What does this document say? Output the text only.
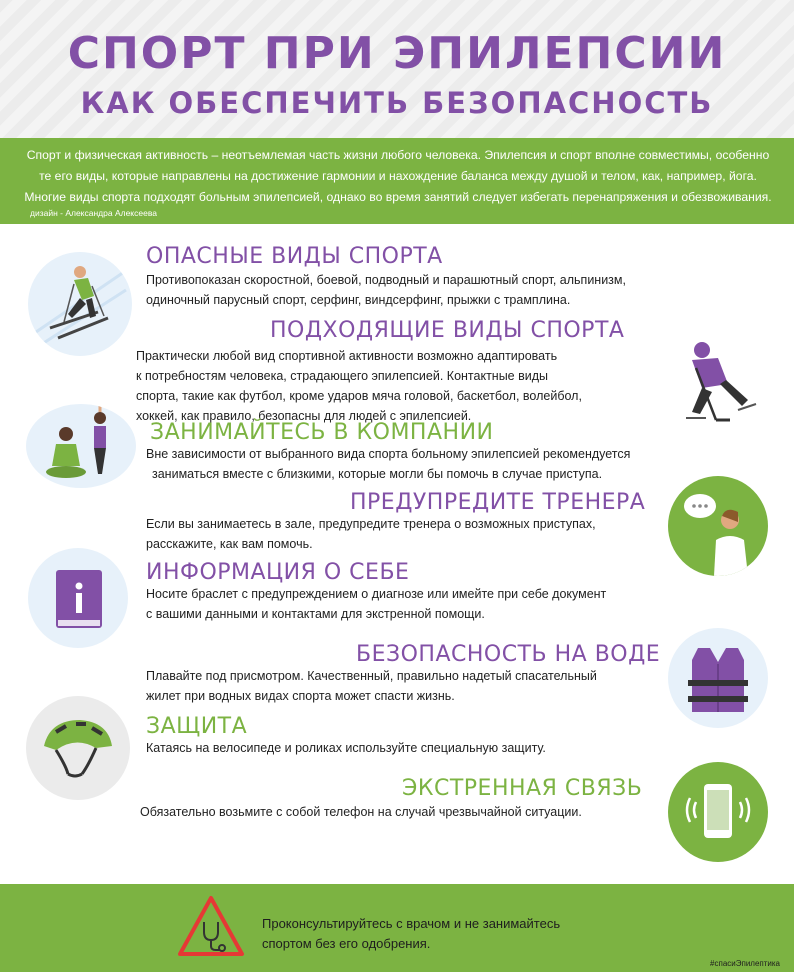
СПОРТ ПРИ ЭПИЛЕПСИИ
КАК ОБЕСПЕЧИТЬ БЕЗОПАСНОСТЬ
Спорт и физическая активность – неотъемлемая часть жизни любого человека. Эпилепсия и спорт вполне совместимы, особенно
те его виды, которые направлены на достижение гармонии и нахождение баланса между душой и телом, как, например, йога.
Многие виды спорта подходят больным эпилепсией, однако во время занятий следует избегать перенапряжения и обезвоживания.
дизайн - Александра Алексеева
ОПАСНЫЕ ВИДЫ СПОРТА
Противопоказан скоростной, боевой, подводный и парашютный спорт, альпинизм,
одиночный парусный спорт, серфинг, виндсерфинг, прыжки с трамплина.
ПОДХОДЯЩИЕ ВИДЫ СПОРТА
Практически любой вид спортивной активности возможно адаптировать
к потребностям человека, страдающего эпилепсией. Контактные виды
спорта, такие как футбол, кроме ударов мяча головой, баскетбол, волейбол,
хоккей, как правило, безопасны для людей с эпилепсией.
ЗАНИМАЙТЕСЬ В КОМПАНИИ
Вне зависимости от выбранного вида спорта больному эпилепсией рекомендуется
заниматься вместе с близкими, которые могли бы помочь в случае приступа.
ПРЕДУПРЕДИТЕ ТРЕНЕРА
Если вы занимаетесь в зале, предупредите тренера о возможных приступах,
расскажите, как вам помочь.
ИНФОРМАЦИЯ О СЕБЕ
Носите браслет с предупреждением о диагнозе или имейте при себе документ
с вашими данными и контактами для экстренной помощи.
БЕЗОПАСНОСТЬ НА ВОДЕ
Плавайте под присмотром. Качественный, правильно надетый спасательный
жилет при водных видах спорта может спасти жизнь.
ЗАЩИТА
Катаясь на велосипеде и роликах используйте специальную защиту.
ЭКСТРЕННАЯ СВЯЗЬ
Обязательно возьмите с собой телефон на случай чрезвычайной ситуации.
Проконсультируйтесь с врачом и не занимайтесь
спортом без его одобрения.
#спасиЭпилептика
